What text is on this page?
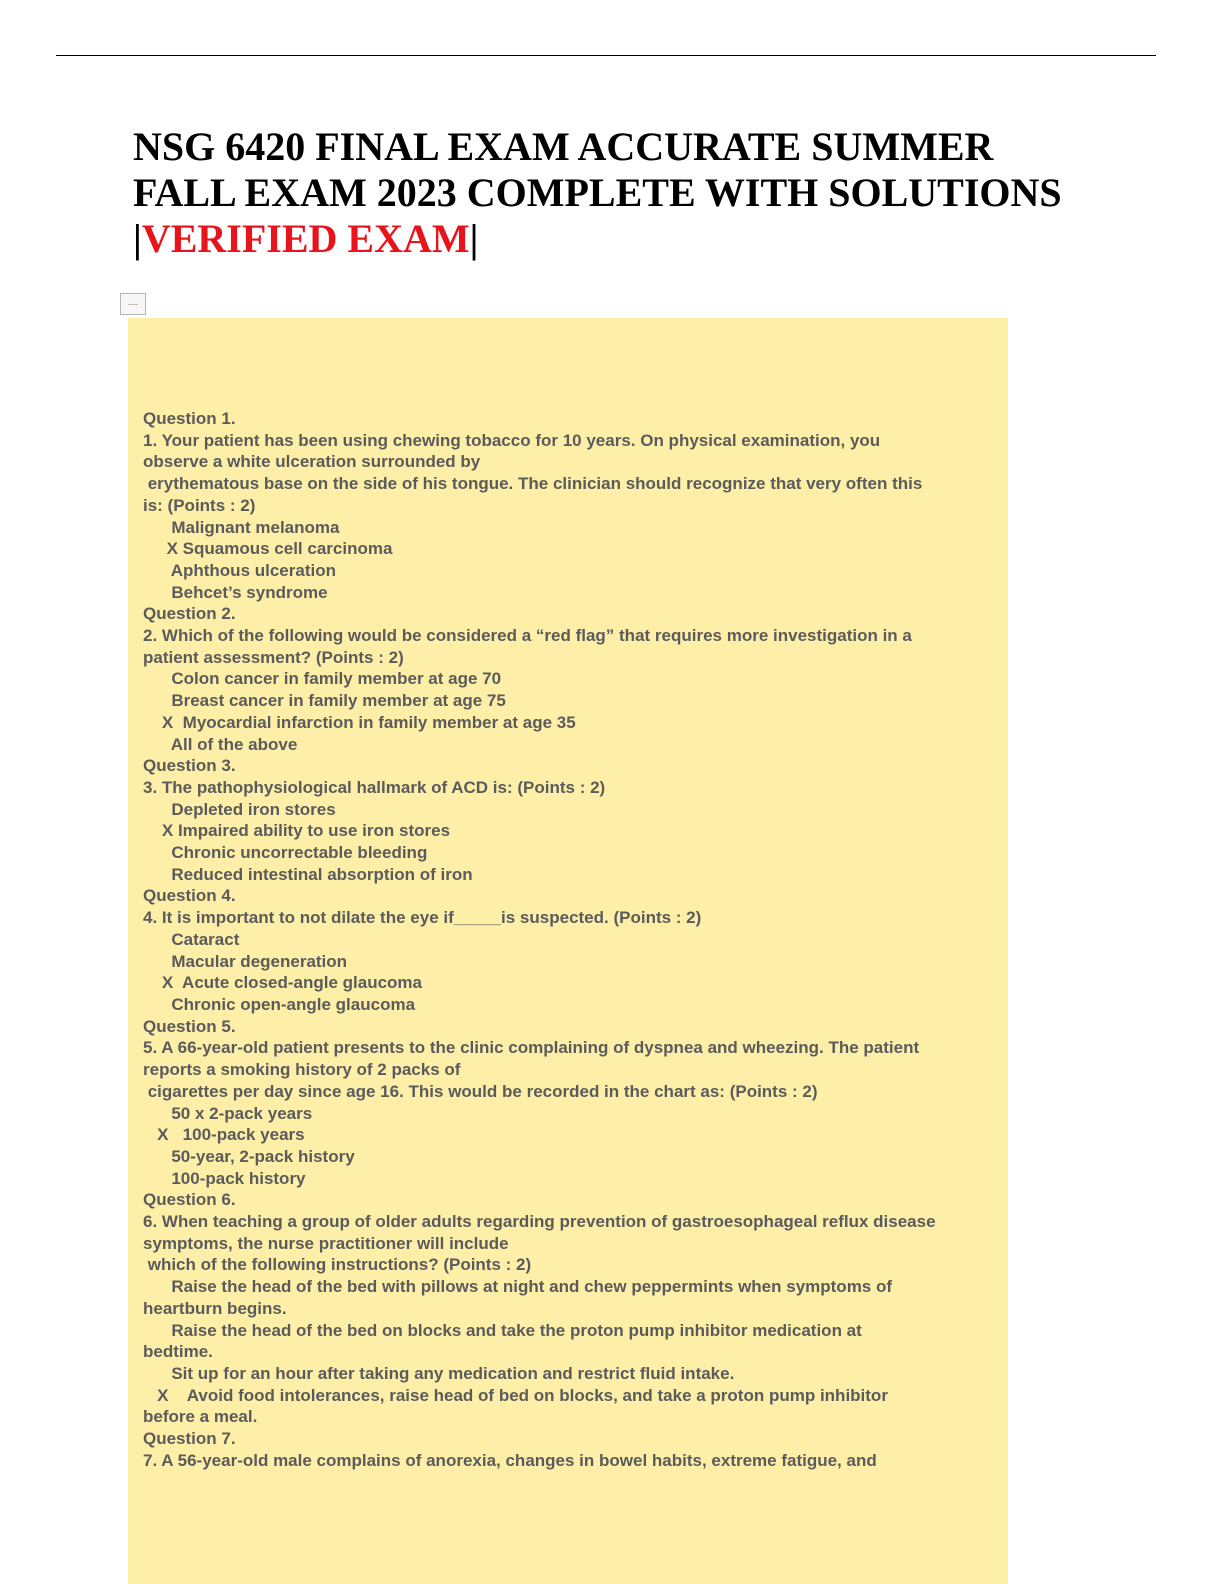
NSG 6420 FINAL EXAM ACCURATE SUMMER
FALL EXAM 2023 COMPLETE WITH SOLUTIONS
|VERIFIED EXAM|
Question 1.
1. Your patient has been using chewing tobacco for 10 years. On physical examination, you
observe a white ulceration surrounded by
erythematous base on the side of his tongue. The clinician should recognize that very often this
is: (Points : 2)
Malignant melanoma
X Squamous cell carcinoma
Aphthous ulceration
Behcet’s syndrome
Question 2.
2. Which of the following would be considered a “red flag” that requires more investigation in a
patient assessment? (Points : 2)
Colon cancer in family member at age 70
Breast cancer in family member at age 75
X  Myocardial infarction in family member at age 35
All of the above
Question 3.
3. The pathophysiological hallmark of ACD is: (Points : 2)
Depleted iron stores
X Impaired ability to use iron stores
Chronic uncorrectable bleeding
Reduced intestinal absorption of iron
Question 4.
4. It is important to not dilate the eye if_____is suspected. (Points : 2)
Cataract
Macular degeneration
X  Acute closed-angle glaucoma
Chronic open-angle glaucoma
Question 5.
5. A 66-year-old patient presents to the clinic complaining of dyspnea and wheezing. The patient
reports a smoking history of 2 packs of
cigarettes per day since age 16. This would be recorded in the chart as: (Points : 2)
50 x 2-pack years
X   100-pack years
50-year, 2-pack history
100-pack history
Question 6.
6. When teaching a group of older adults regarding prevention of gastroesophageal reflux disease
symptoms, the nurse practitioner will include
which of the following instructions? (Points : 2)
Raise the head of the bed with pillows at night and chew peppermints when symptoms of
heartburn begins.
Raise the head of the bed on blocks and take the proton pump inhibitor medication at
bedtime.
Sit up for an hour after taking any medication and restrict fluid intake.
X    Avoid food intolerances, raise head of bed on blocks, and take a proton pump inhibitor
before a meal.
Question 7.
7. A 56-year-old male complains of anorexia, changes in bowel habits, extreme fatigue, and
